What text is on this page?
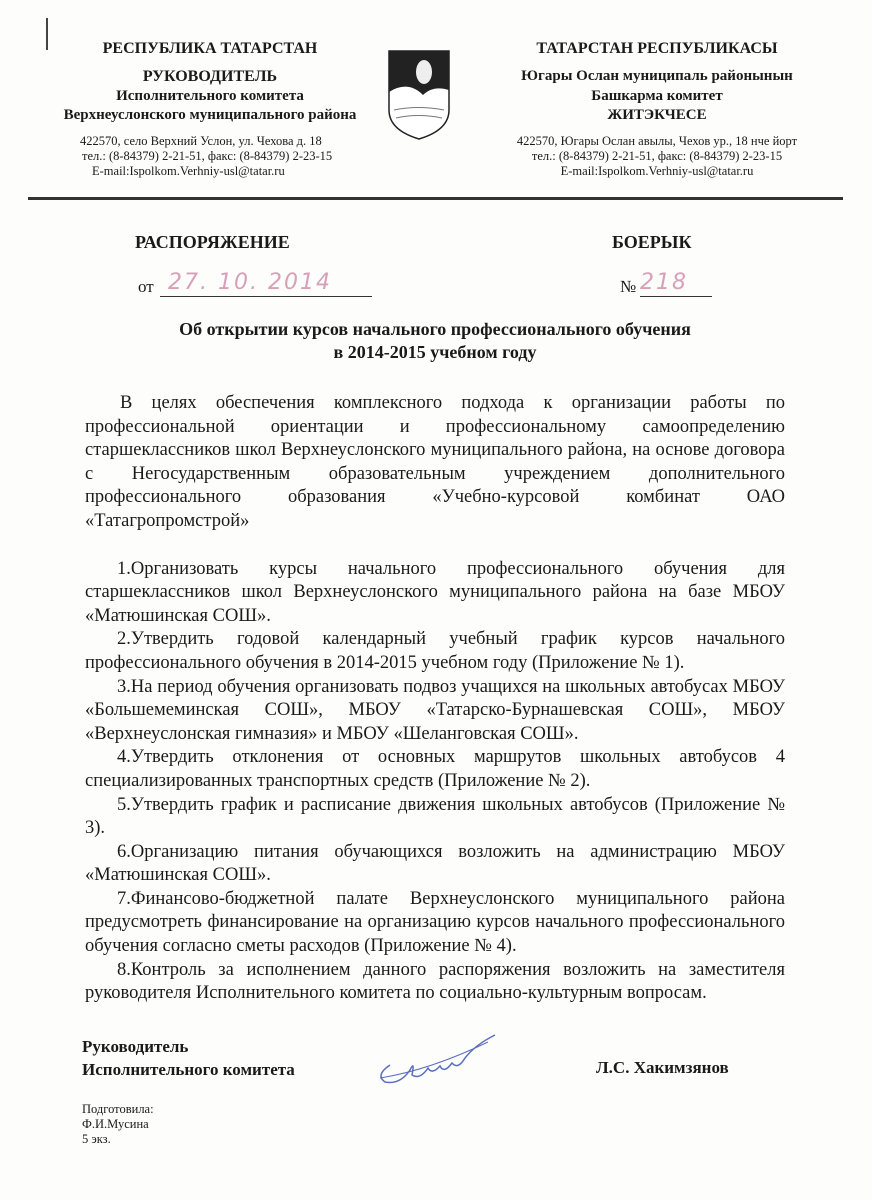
РЕСПУБЛИКА ТАТАРСТАН
РУКОВОДИТЕЛЬ
Исполнительного комитета
Верхнеуслонского муниципального района
422570, село Верхний Услон, ул. Чехова д. 18
тел.: (8-84379) 2-21-51, факс: (8-84379) 2-23-15
E-mail:Ispolkom.Verhniy-usl@tatar.ru
ТАТАРСТАН РЕСПУБЛИКАСЫ
Югары Ослан муниципаль районынын
Башкарма комитет
ЖИТЭКЧЕСЕ
422570, Югары Ослан авылы, Чехов ур., 18 нче йорт
тел.: (8-84379) 2-21-51, факс: (8-84379) 2-23-15
E-mail:Ispolkom.Verhniy-usl@tatar.ru
РАСПОРЯЖЕНИЕ	БОЕРЫК
от 27. 10. 2014	№ 218
Об открытии курсов начального профессионального обучения
в 2014-2015 учебном году

В целях обеспечения комплексного подхода к организации работы по профессиональной ориентации и профессиональному самоопределению старшеклассников школ Верхнеуслонского муниципального района, на основе договора с Негосударственным образовательным учреждением дополнительного профессионального образования «Учебно-курсовой комбинат ОАО «Татагропромстрой»

1.Организовать курсы начального профессионального обучения для старшеклассников школ Верхнеуслонского муниципального района на базе МБОУ «Матюшинская СОШ».

2.Утвердить годовой календарный учебный график курсов начального профессионального обучения в 2014-2015 учебном году (Приложение № 1).

3.На период обучения организовать подвоз учащихся на школьных автобусах МБОУ «Большемеминская СОШ», МБОУ «Татарско-Бурнашевская СОШ», МБОУ «Верхнеуслонская гимназия» и МБОУ «Шеланговская СОШ».

4.Утвердить отклонения от основных маршрутов школьных автобусов 4 специализированных транспортных средств (Приложение № 2).

5.Утвердить график и расписание движения школьных автобусов (Приложение № 3).

6.Организацию питания обучающихся возложить на администрацию МБОУ «Матюшинская СОШ».

7.Финансово-бюджетной палате Верхнеуслонского муниципального района предусмотреть финансирование на организацию курсов начального профессионального обучения согласно сметы расходов (Приложение № 4).

8.Контроль за исполнением данного распоряжения возложить на заместителя руководителя Исполнительного комитета по социально-культурным вопросам.

Руководитель
Исполнительного комитета	Л.С. Хакимзянов
Подготовила:
Ф.И.Мусина
5 экз.
